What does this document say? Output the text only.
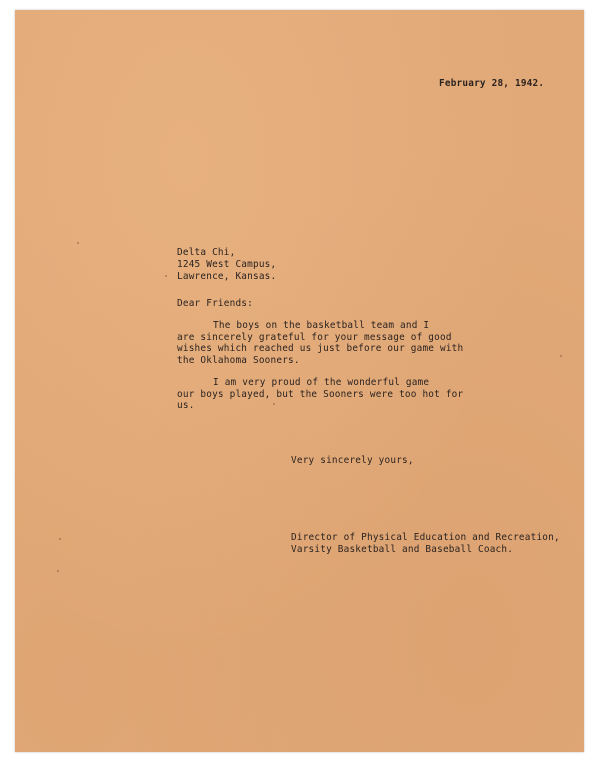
February 28, 1942.
Delta Chi,
1245 West Campus,
Lawrence, Kansas.
Dear Friends:
The boys on the basketball team and I
are sincerely grateful for your message of good
wishes which reached us just before our game with
the Oklahoma Sooners.
I am very proud of the wonderful game
our boys played, but the Sooners were too hot for
us.
Very sincerely yours,
Director of Physical Education and Recreation,
Varsity Basketball and Baseball Coach.
